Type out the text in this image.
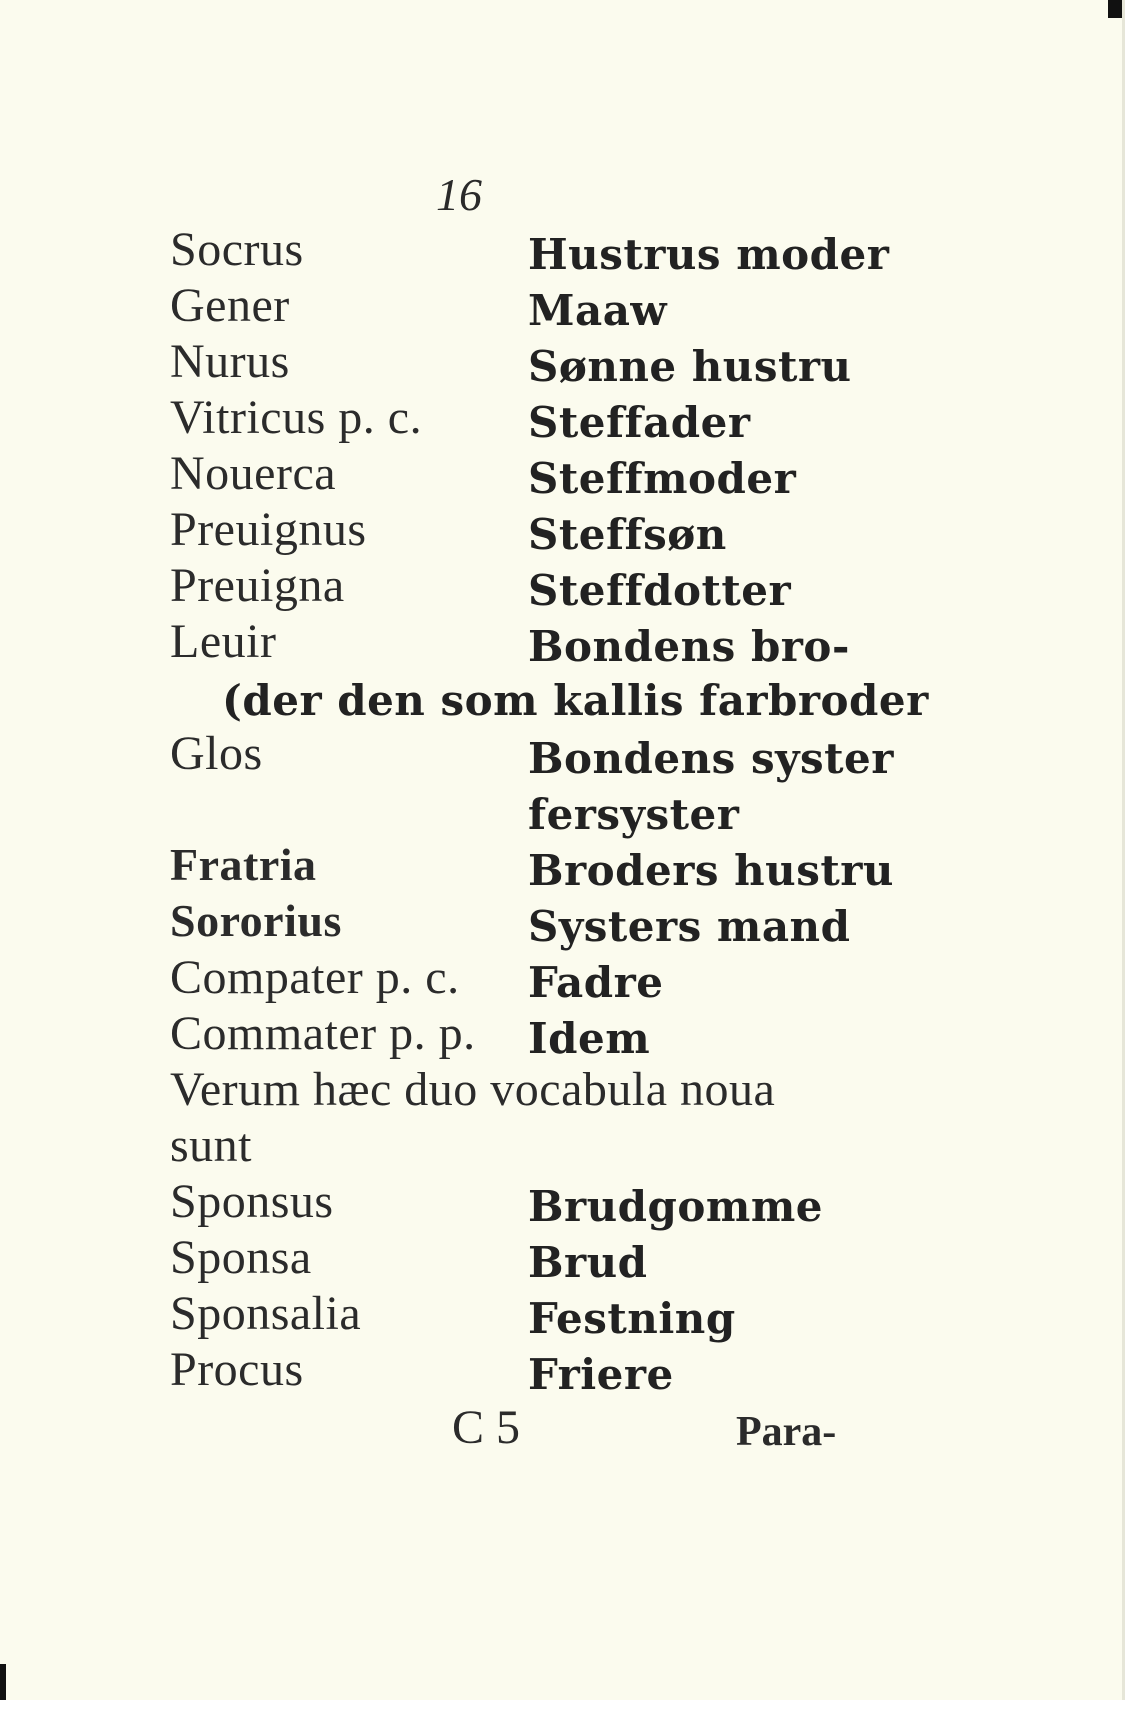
16
Socrus	Hustrus moder
Gener	Maaw
Nurus	Sønne hustru
Vitricus p. c.	Steffader
Nouerca	Steffmoder
Preuignus	Steffsøn
Preuigna	Steffdotter
Leuir	Bondens bro-
(der den som kallis farbroder
Glos	Bondens syster
fersyster
Fratria	Broders hustru
Sororius	Systers mand
Compater p. c. Fadre
Commater p. p. Idem
Verum hæc duo vocabula noua
sunt
Sponsus	Brudgomme
Sponsa	Brud
Sponsalia	Festning
Procus	Friere
C 5	Para-
